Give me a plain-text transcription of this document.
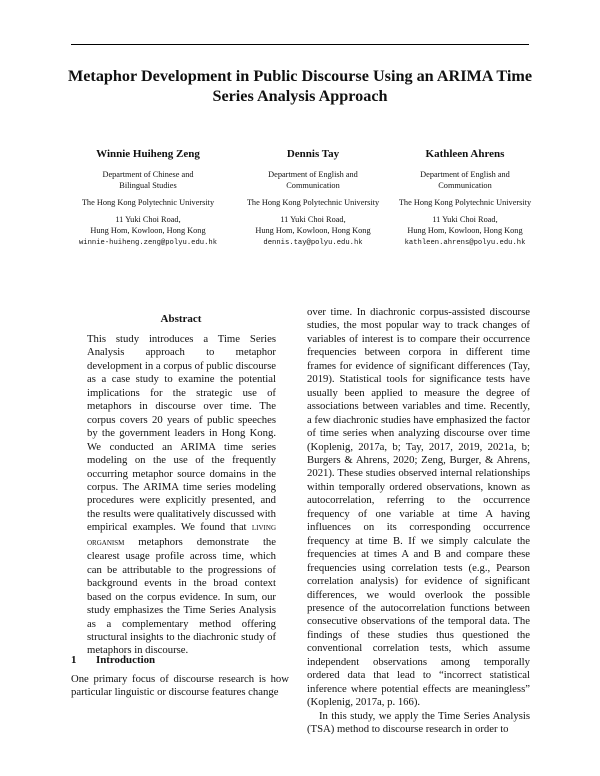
Metaphor Development in Public Discourse Using an ARIMA Time
Series Analysis Approach
Winnie Huiheng Zeng
Department of Chinese and
Bilingual Studies
The Hong Kong Polytechnic University
11 Yuki Choi Road,
Hung Hom, Kowloon, Hong Kong
winnie-huiheng.zeng@polyu.edu.hk
Dennis Tay
Department of English and
Communication
The Hong Kong Polytechnic University
11 Yuki Choi Road,
Hung Hom, Kowloon, Hong Kong
dennis.tay@polyu.edu.hk
Kathleen Ahrens
Department of English and
Communication
The Hong Kong Polytechnic University
11 Yuki Choi Road,
Hung Hom, Kowloon, Hong Kong
kathleen.ahrens@polyu.edu.hk
Abstract

This study introduces a Time Series Analysis approach to metaphor development in a corpus of public discourse as a case study to examine the potential implications for the strategic use of metaphors in discourse over time. The corpus covers 20 years of public speeches by the government leaders in Hong Kong. We conducted an ARIMA time series modeling on the use of the frequently occurring metaphor source domains in the corpus. The ARIMA time series modeling procedures were explicitly presented, and the results were qualitatively discussed with empirical examples. We found that living organism metaphors demonstrate the clearest usage profile across time, which can be attributable to the progressions of background events in the broad context based on the corpus evidence. In sum, our study emphasizes the Time Series Analysis as a complementary method offering structural insights to the diachronic study of metaphors in discourse.

1 Introduction

One primary focus of discourse research is how particular linguistic or discourse features change

over time. In diachronic corpus-assisted discourse studies, the most popular way to track changes of variables of interest is to compare their occurrence frequencies between corpora in different time frames for evidence of significant differences (Tay, 2019). Statistical tools for significance tests have usually been applied to measure the degree of associations between variables and time. Recently, a few diachronic studies have emphasized the factor of time series when analyzing discourse over time (Koplenig, 2017a, b; Tay, 2017, 2019, 2021a, b; Burgers & Ahrens, 2020; Zeng, Burger, & Ahrens, 2021). These studies observed internal relationships within temporally ordered observations, known as autocorrelation, referring to the occurrence frequency of one variable at time A having influences on its corresponding occurrence frequency at time B. If we simply calculate the frequencies at times A and B and compare these frequencies using correlation tests (e.g., Pearson correlation analysis) for evidence of significant differences, we would overlook the possible presence of the autocorrelation functions between consecutive observations of the temporal data. The findings of these studies thus questioned the conventional correlation tests, which assume independent observations among temporally ordered data that lead to “incorrect statistical inference where potential effects are meaningless” (Koplenig, 2017a, p. 166).

In this study, we apply the Time Series Analysis (TSA) method to discourse research in order to
